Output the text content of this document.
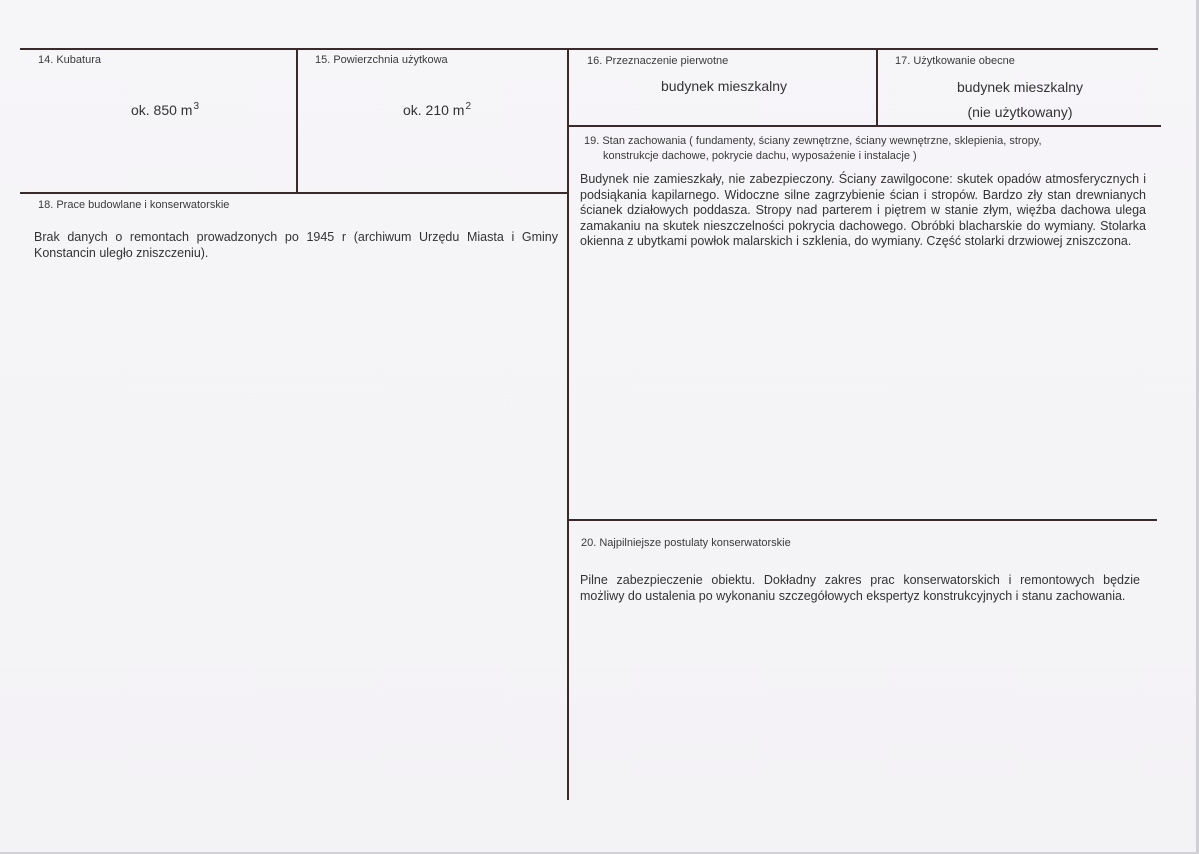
14. Kubatura
ok. 850 $m^3$
15. Powierzchnia użytkowa
ok. 210 $m^2$
16. Przeznaczenie pierwotne
budynek mieszkalny
17. Użytkowanie obecne
budynek mieszkalny
(nie użytkowany)
18. Prace budowlane i konserwatorskie
Brak danych o remontach prowadzonych po 1945 r (archiwum Urzędu Miasta i Gminy Konstancin uległo zniszczeniu).
19. Stan zachowania ( fundamenty, ściany zewnętrzne, ściany wewnętrzne, sklepienia, stropy,
konstrukcje dachowe, pokrycie dachu, wyposażenie i instalacje )
Budynek nie zamieszkały, nie zabezpieczony. Ściany zawilgocone: skutek opadów atmosferycznych i podsiąkania kapilarnego. Widoczne silne zagrzybienie ścian i stropów. Bardzo zły stan drewnianych ścianek działowych poddasza. Stropy nad parterem i piętrem w stanie złym, więźba dachowa ulega zamakaniu na skutek nieszczelności pokrycia dachowego. Obróbki blacharskie do wymiany. Stolarka okienna z ubytkami powłok malarskich i szklenia, do wymiany. Część stolarki drzwiowej zniszczona.
20. Najpilniejsze postulaty konserwatorskie
Pilne zabezpieczenie obiektu. Dokładny zakres prac konserwatorskich i remontowych będzie możliwy do ustalenia po wykonaniu szczegółowych ekspertyz konstrukcyjnych i stanu zachowania.
